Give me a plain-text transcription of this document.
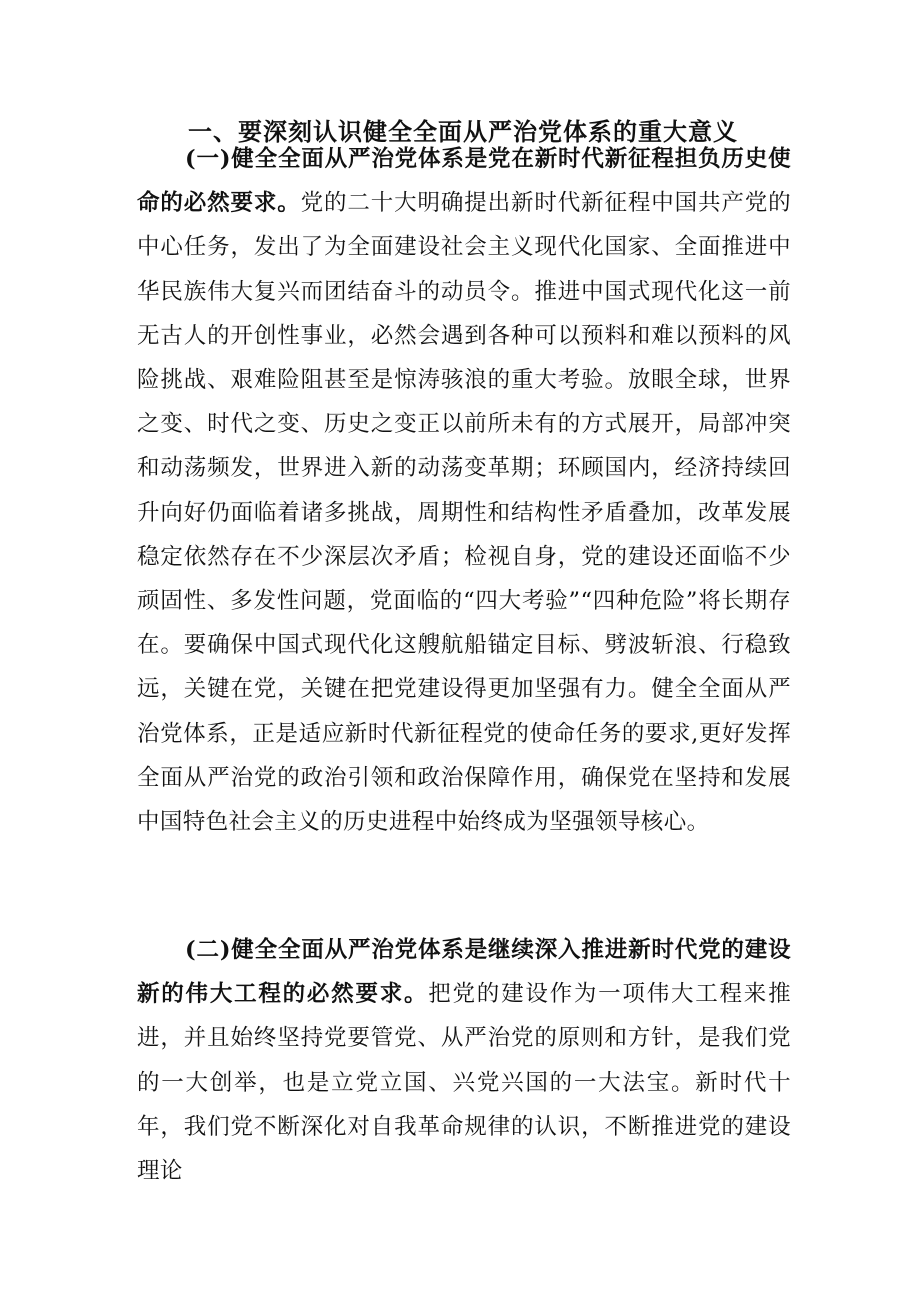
一、要深刻认识健全全面从严治党体系的重大意义

(一)健全全面从严治党体系是党在新时代新征程担负历史使命的必然要求。党的二十大明确提出新时代新征程中国共产党的中心任务，发出了为全面建设社会主义现代化国家、全面推进中华民族伟大复兴而团结奋斗的动员令。推进中国式现代化这一前无古人的开创性事业，必然会遇到各种可以预料和难以预料的风险挑战、艰难险阻甚至是惊涛骇浪的重大考验。放眼全球，世界之变、时代之变、历史之变正以前所未有的方式展开，局部冲突和动荡频发，世界进入新的动荡变革期；环顾国内，经济持续回升向好仍面临着诸多挑战，周期性和结构性矛盾叠加，改革发展稳定依然存在不少深层次矛盾；检视自身，党的建设还面临不少顽固性、多发性问题，党面临的“四大考验”“四种危险”将长期存在。要确保中国式现代化这艘航船锚定目标、劈波斩浪、行稳致远，关键在党，关键在把党建设得更加坚强有力。健全全面从严治党体系，正是适应新时代新征程党的使命任务的要求,更好发挥全面从严治党的政治引领和政治保障作用，确保党在坚持和发展中国特色社会主义的历史进程中始终成为坚强领导核心。

(二)健全全面从严治党体系是继续深入推进新时代党的建设新的伟大工程的必然要求。把党的建设作为一项伟大工程来推进，并且始终坚持党要管党、从严治党的原则和方针，是我们党的一大创举，也是立党立国、兴党兴国的一大法宝。新时代十年，我们党不断深化对自我革命规律的认识，不断推进党的建设理论
